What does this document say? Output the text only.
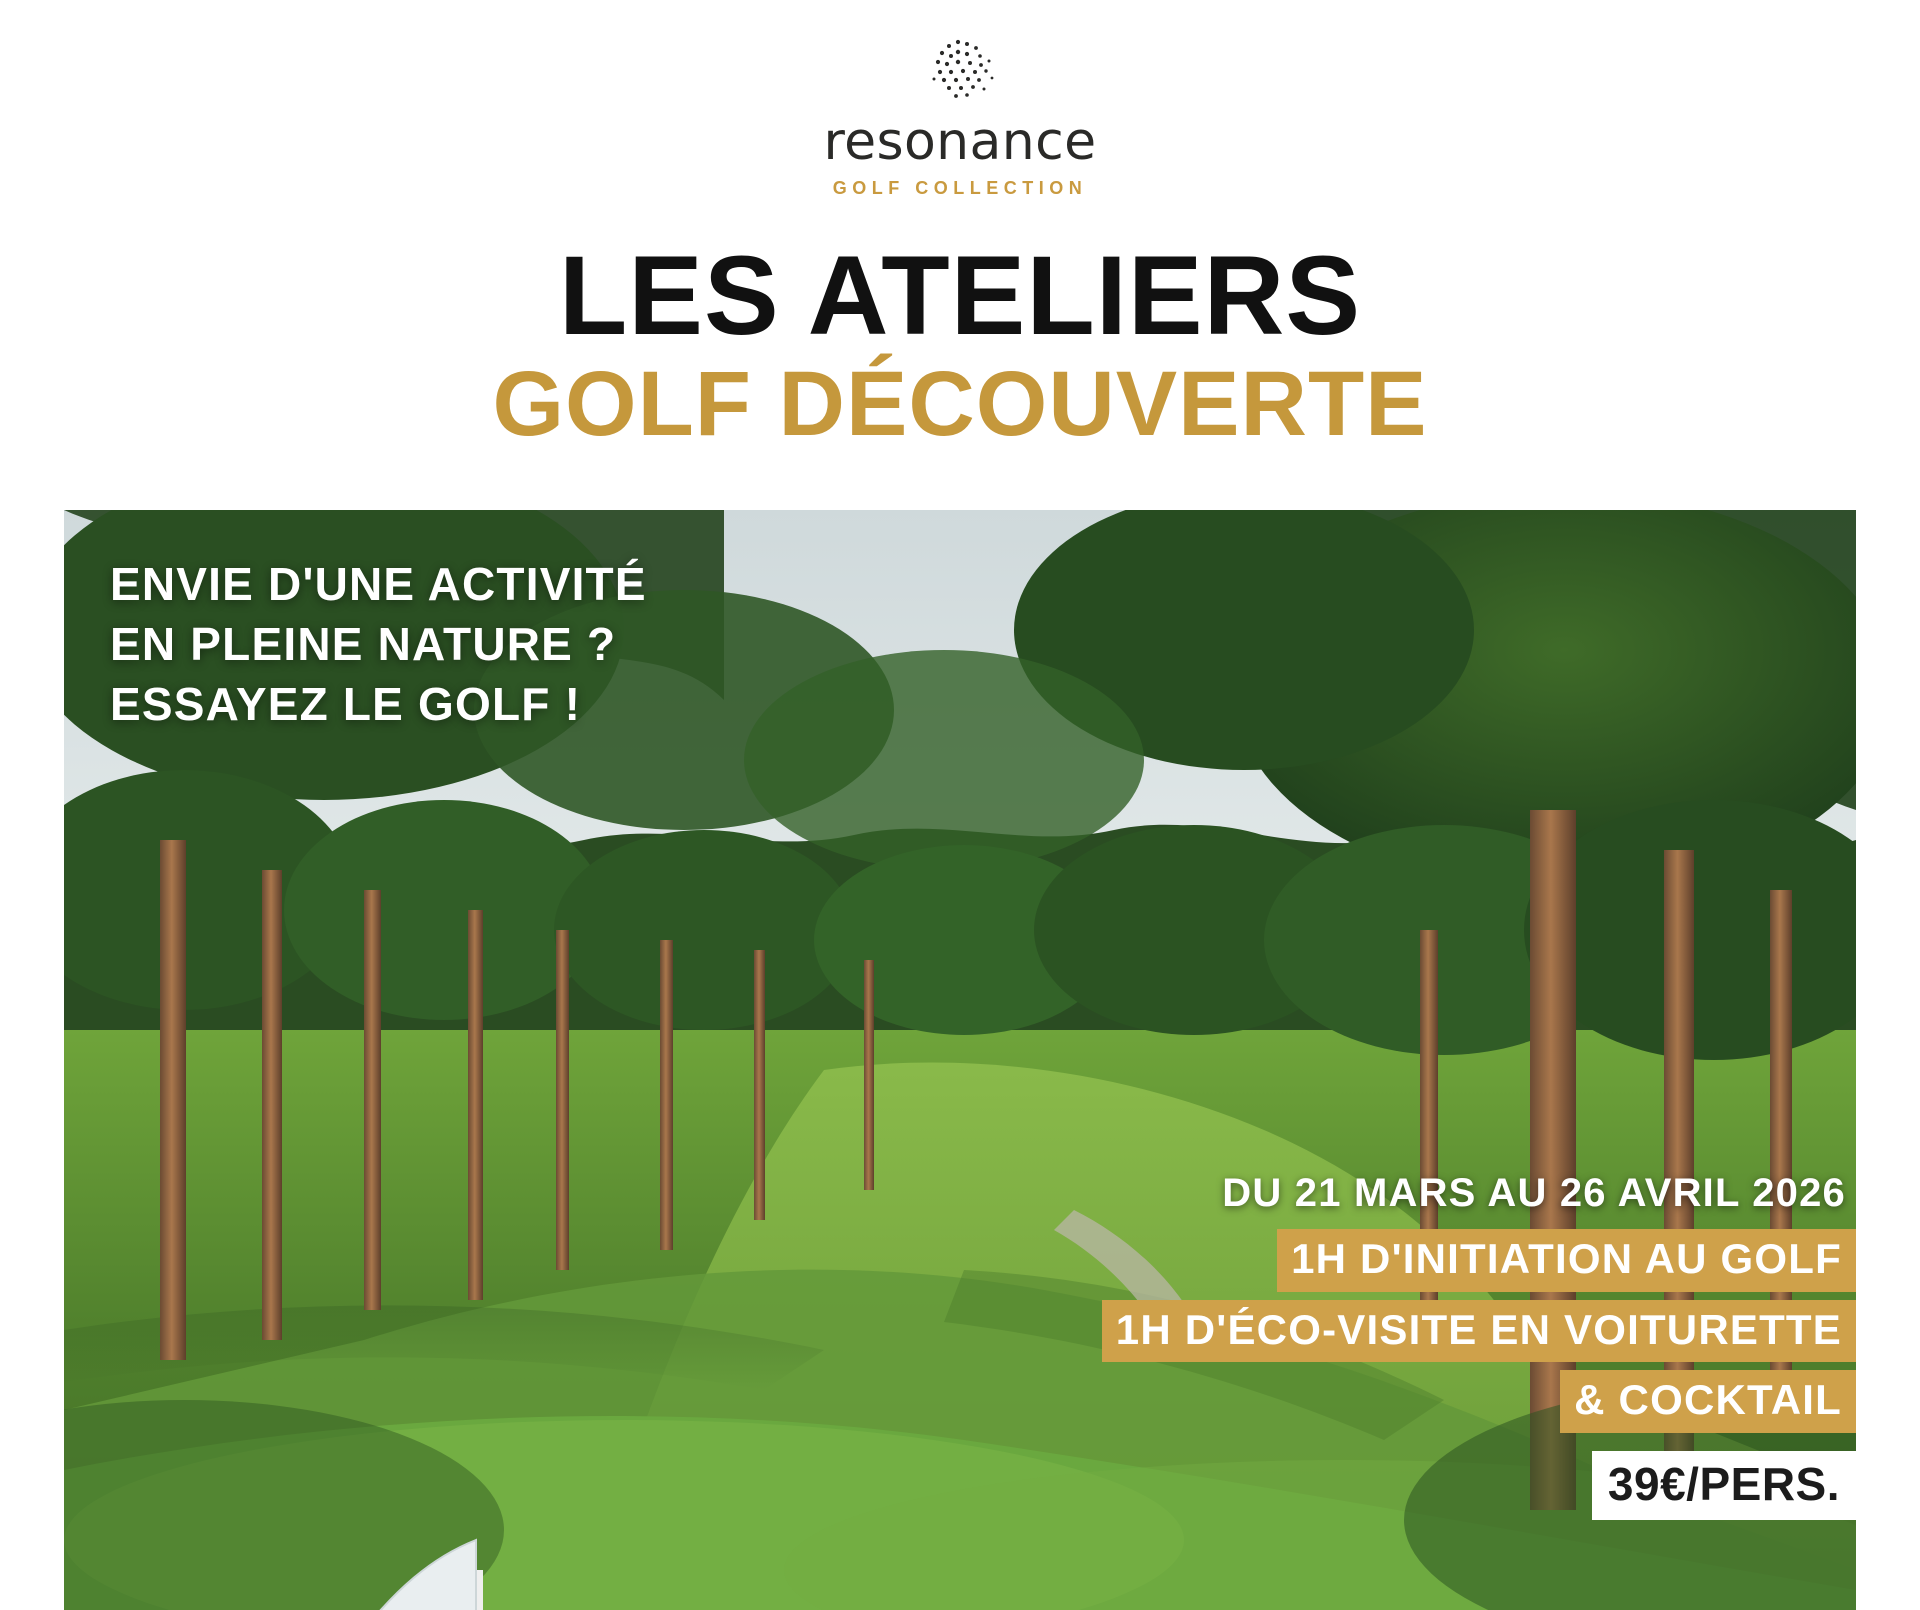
resonance
GOLF COLLECTION
LES ATELIERS
GOLF DÉCOUVERTE
ENVIE D'UNE ACTIVITÉ
EN PLEINE NATURE ?
ESSAYEZ LE GOLF !
DU 21 MARS AU 26 AVRIL 2026
1H D'INITIATION AU GOLF
1H D'ÉCO-VISITE EN VOITURETTE
& COCKTAIL
39€/PERS.
